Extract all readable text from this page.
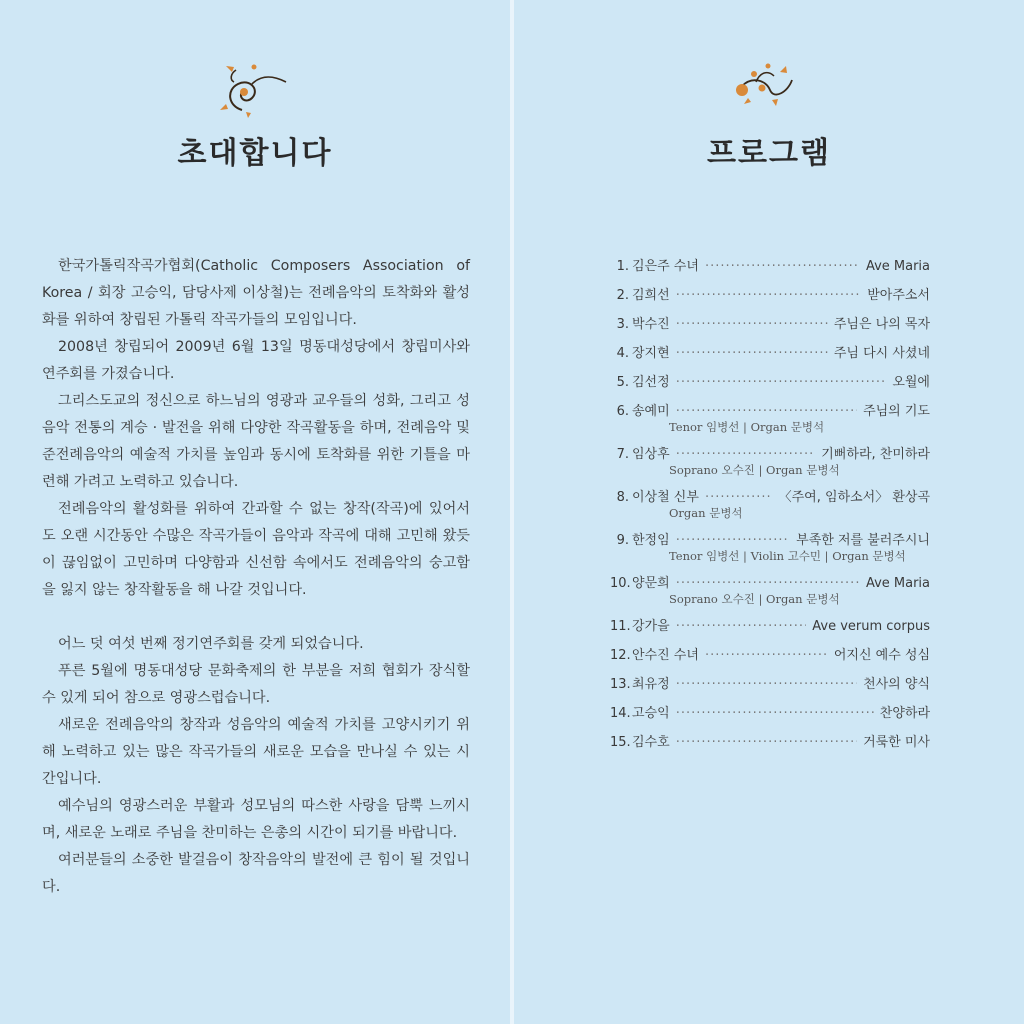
초대합니다

한국가톨릭작곡가협회(Catholic Composers Association of Korea / 회장 고승익, 담당사제 이상철)는 전례음악의 토착화와 활성화를 위하여 창립된 가톨릭 작곡가들의 모임입니다.

2008년 창립되어 2009년 6월 13일 명동대성당에서 창립미사와 연주회를 가졌습니다.

그리스도교의 정신으로 하느님의 영광과 교우들의 성화, 그리고 성음악 전통의 계승 · 발전을 위해 다양한 작곡활동을 하며, 전례음악 및 준전례음악의 예술적 가치를 높임과 동시에 토착화를 위한 기틀을 마련해 가려고 노력하고 있습니다.

전례음악의 활성화를 위하여 간과할 수 없는 창작(작곡)에 있어서도 오랜 시간동안 수많은 작곡가들이 음악과 작곡에 대해 고민해 왔듯이 끊임없이 고민하며 다양함과 신선함 속에서도 전례음악의 숭고함을 잃지 않는 창작활동을 해 나갈 것입니다.

어느 덧 여섯 번째 정기연주회를 갖게 되었습니다.

푸른 5월에 명동대성당 문화축제의 한 부분을 저희 협회가 장식할 수 있게 되어 참으로 영광스럽습니다.

새로운 전례음악의 창작과 성음악의 예술적 가치를 고양시키기 위해 노력하고 있는 많은 작곡가들의 새로운 모습을 만나실 수 있는 시간입니다.

예수님의 영광스러운 부활과 성모님의 따스한 사랑을 담뿍 느끼시며, 새로운 노래로 주님을 찬미하는 은총의 시간이 되기를 바랍니다.

여러분들의 소중한 발걸음이 창작음악의 발전에 큰 힘이 될 것입니다.

프로그램
1. 김은주 수녀 ·····	Ave Maria
2. 김희선 ·····	받아주소서
3. 박수진 ·····	주님은 나의 목자
4. 장지현 ·····	주님 다시 사셨네
5. 김선정 ·····	오월에
6. 송예미 ·····	주님의 기도
Tenor 임병선 | Organ 문병석
7. 임상후 ·····	기뻐하라, 찬미하라
Soprano 오수진 | Organ 문병석
8. 이상철 신부 ·····	〈주여, 임하소서〉 환상곡
Organ 문병석
9. 한정임 ·····	부족한 저를 불러주시니
Tenor 임병선 | Violin 고수민 | Organ 문병석
10. 양문희 ·····	Ave Maria
Soprano 오수진 | Organ 문병석
11. 강가을 ·····	Ave verum corpus
12. 안수진 수녀 ·····	어지신 예수 성심
13. 최유정 ·····	천사의 양식
14. 고승익 ·····	찬양하라
15. 김수호 ·····	거룩한 미사
